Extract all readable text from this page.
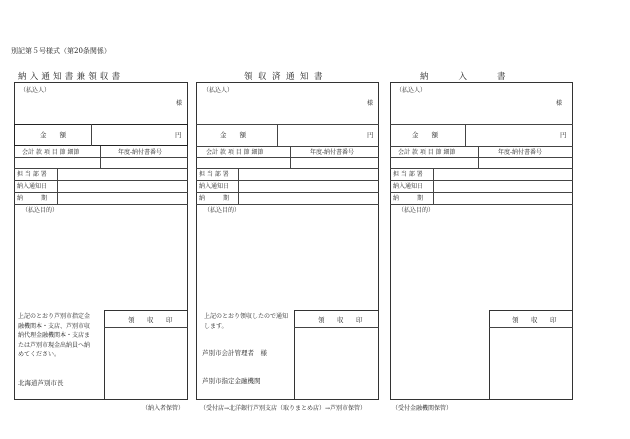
別記第５号様式（第20条関係）
納入通知書兼領収書
（払込人）
様
金　　額	円
会計 款 項 目 節 細節	年度-納付書番号
担 当 部 署
納入通知日
納　　　期
（払込目的）
領　収　印
上記のとおり芦別市指定金
融機関本・支店、芦別市収
納代理金融機関本・支店ま
たは芦別市現金出納員へ納
めてください。
北海道芦別市長
（納入者保管）
領収済通知書
（払込人）
様
金　　額	円
会計 款 項 目 節 細節	年度-納付書番号
担 当 部 署
納入通知日
納　　　期
（払込目的）
領　収　印
上記のとおり領収したので通知
します。
芦別市会計管理者　様
芦別市指定金融機関
（受付店→北洋銀行芦別支店（取りまとめ店）→芦別市保管）
納入書
（払込人）
様
金　　額	円
会計 款 項 目 節 細節	年度-納付書番号
担 当 部 署
納入通知日
納　　　期
（払込目的）
領　収　印
（受付金融機関保管）
